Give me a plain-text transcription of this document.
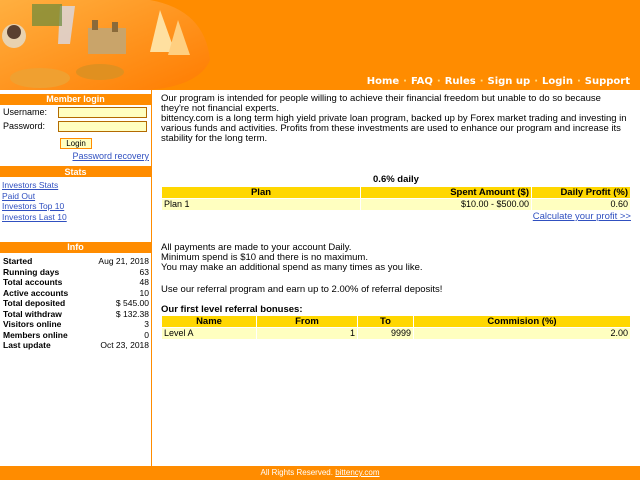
Home · FAQ · Rules · Sign up · Login · Support
Member login
Username:
Password:
Login
Password recovery
Stats
Investors Stats
Paid Out
Investors Top 10
Investors Last 10
Info
Started	Aug 21, 2018
Running days	63
Total accounts	48
Active accounts	10
Total deposited	$ 545.00
Total withdraw	$ 132.38
Visitors online	3
Members online	0
Last update	Oct 23, 2018

Our program is intended for people willing to achieve their financial freedom but unable to do so because they're not financial experts.

bittency.com is a long term high yield private loan program, backed up by Forex market trading and investing in various funds and activities. Profits from these investments are used to enhance our program and increase its stability for the long term.

0.6% daily
Plan	Spent Amount ($)	Daily Profit (%)
Plan 1	$10.00 - $500.00	0.60
Calculate your profit >>

All payments are made to your account Daily.

Minimum spend is $10 and there is no maximum.

You may make an additional spend as many times as you like.

Use our referral program and earn up to 2.00% of referral deposits!

Our first level referral bonuses:
Name	From	To	Commision (%)
Level A	1	9999	2.00
All Rights Reserved. bittency.com
